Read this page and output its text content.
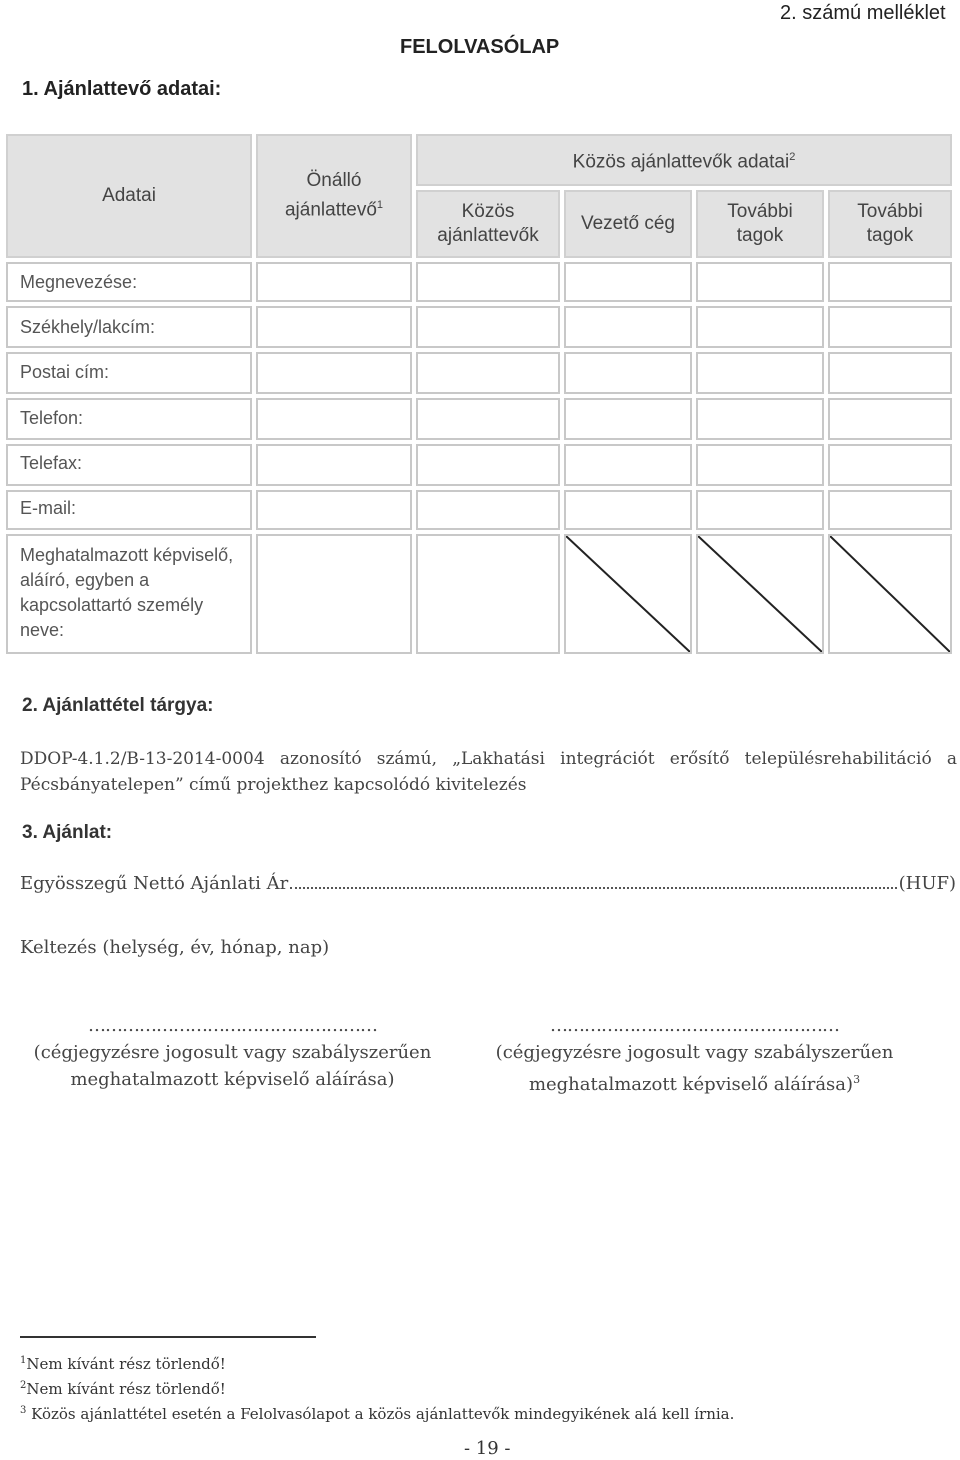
2. számú melléklet
FELOLVASÓLAP
1. Ajánlattevő adatai:
Adatai
Önálló ajánlattevő$^1$
Közös ajánlattevők adatai$^2$
Közös ajánlattevők
Vezető cég
További tagok
További tagok
Megnevezése:
Székhely/lakcím:
Postai cím:
Telefon:
Telefax:
E-mail:
Meghatalmazott képviselő, aláíró, egyben a kapcsolattartó személy neve:
2. Ajánlattétel tárgya:
DDOP-4.1.2/B-13-2014-0004 azonosító számú, „Lakhatási integrációt erősítő településrehabilitáció a Pécsbányatelepen” című projekthez kapcsolódó kivitelezés
3. Ajánlat:
Egyösszegű Nettó Ajánlati Ár	(HUF)
Keltezés (helység, év, hónap, nap)
……………………………………………
(cégjegyzésre jogosult vagy szabályszerűen
meghatalmazott képviselő aláírása)
……………………………………………
(cégjegyzésre jogosult vagy szabályszerűen
meghatalmazott képviselő aláírása)$^3$
$^1$Nem kívánt rész törlendő!
$^2$Nem kívánt rész törlendő!
$^3$ Közös ajánlattétel esetén a Felolvasólapot a közös ajánlattevők mindegyikének alá kell írnia.
- 19 -
